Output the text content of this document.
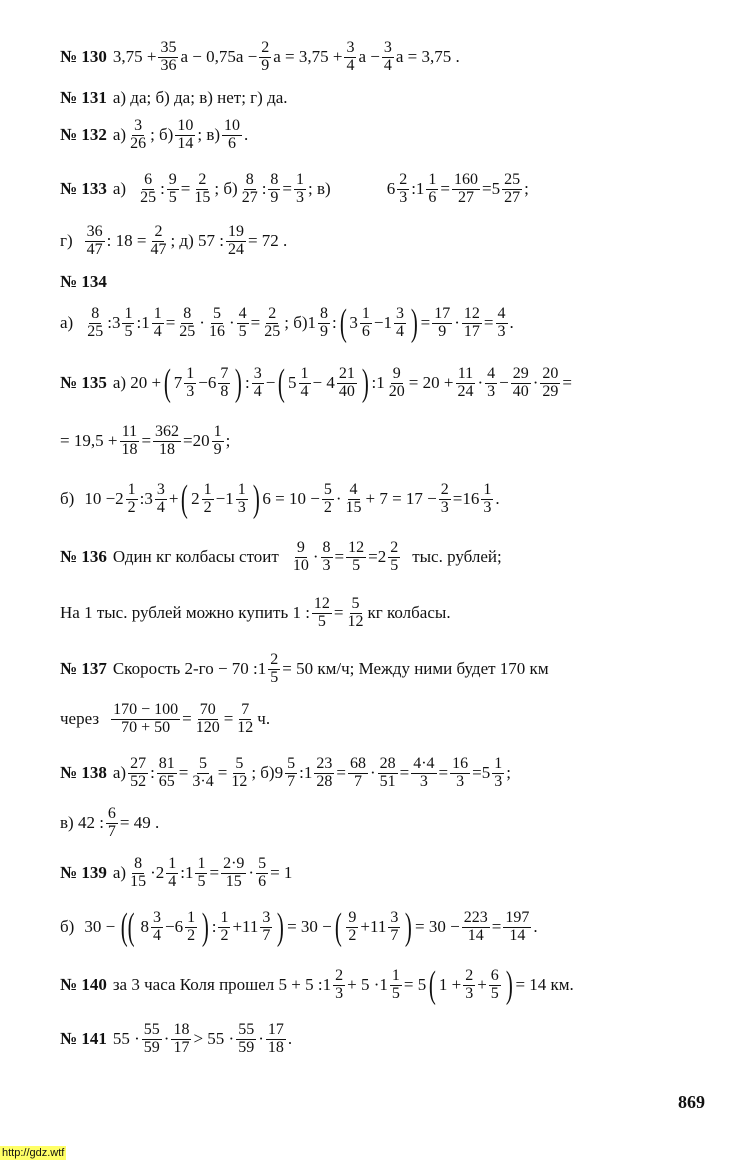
№ 130 $3,75 + \frac{35}{36}$ $a - 0,75a - \frac{2}{9}$ $a = 3,75 + \frac{3}{4}$ $a - \frac{3}{4}$ a = 3,75 .
№ 131 а) да; б) да; в) нет; г) да.
№ 132 $а) \frac{3}{26}$ ; $б) \frac{10}{14}$ ; $в) \frac{10}{6}$ .
№ 133 $а) \frac{6}{25}$ : $\frac{9}{5} = \frac{2}{15}$ ; $б) \frac{8}{27}$ : $\frac{8}{9} = \frac{1}{3}$ ; в)	$6 \frac{2}{3}$ : $1 \frac{1}{6} = \frac{160}{27} = 5 \frac{25}{27}$ ;
$г) \frac{36}{47}$ : $18 = \frac{2}{47}$ ; д) 57 : $\frac{19}{24} = 72$ .
№ 134
$а) \frac{8}{25}$ : $3 \frac{1}{5}$ : $1 \frac{1}{4} = \frac{8}{25} \cdot \frac{5}{16} \cdot \frac{4}{5} = \frac{2}{25}$ ; б) $1 \frac{8}{9}$ : ( $3 \frac{1}{6} - 1 \frac{3}{4}$ ) = $\frac{17}{9} \cdot \frac{12}{17} = \frac{4}{3}$ .
№ 135 а) 20 + ( $7 \frac{1}{3} - 6 \frac{7}{8}$ ) : $\frac{3}{4}$ − ( $5 \frac{1}{4} - 4 \frac{21}{40}$ ) : $1 \frac{9}{20} = 20 + \frac{11}{24} \cdot \frac{4}{3} - \frac{29}{40} \cdot \frac{20}{29}$ =
= $19,5 + \frac{11}{18} = \frac{362}{18} = 20 \frac{1}{9}$ ;
б) $10 - 2 \frac{1}{2}$ : $3 \frac{3}{4}$ + ( $2 \frac{1}{2} - 1 \frac{1}{3}$ ) $6 = 10 - \frac{5}{2} \cdot \frac{4}{15} + 7 = 17 - \frac{2}{3} = 16 \frac{1}{3}$ .
№ 136 Один кг колбасы стоит $\frac{9}{10} \cdot \frac{8}{3} = \frac{12}{5} = 2 \frac{2}{5}$ тыс. рублей;
На 1 тыс. рублей можно купить 1 : $\frac{12}{5} = \frac{5}{12}$ кг колбасы.
№ 137 Скорость 2-го − 70 : $1 \frac{2}{5} = 50$ км/ч; Между ними будет 170 км
через $\frac{170 - 100}{70 + 50} = \frac{70}{120} = \frac{7}{12} ч$.
№ 138 $а) \frac{27}{52}$ : $\frac{81}{65} = \frac{5}{3\cdot 4} = \frac{5}{12}$ ; б) $9 \frac{5}{7}$ : $1 \frac{23}{28} = \frac{68}{7} \cdot \frac{28}{51} = \frac{4\cdot 4}{3} = \frac{16}{3} = 5 \frac{1}{3}$ ;
в) 42 : $\frac{6}{7} = 49$ .
№ 139 $а) \frac{8}{15} \cdot 2 \frac{1}{4}$ : $1 \frac{1}{5} = \frac{2\cdot 9}{15} \cdot \frac{5}{6} = 1$
б) 30 − (( $8 \frac{3}{4} - 6 \frac{1}{2}$ ) : $\frac{1}{2} + 11 \frac{3}{7}$ ) = 30 − ( $\frac{9}{2} + 11 \frac{3}{7}$ ) = $30 - \frac{223}{14} = \frac{197}{14}$ .
№ 140 за 3 часа Коля прошел 5 + 5 : $1 \frac{2}{3} + 5 \cdot 1 \frac{1}{5} = 5$ ( $1 + \frac{2}{3} + \frac{6}{5}$ ) = 14 км.
№ 141 $55 \cdot \frac{55}{59} \cdot \frac{18}{17} > 55 \cdot \frac{55}{59} \cdot \frac{17}{18}$ .
869
http://gdz.wtf
